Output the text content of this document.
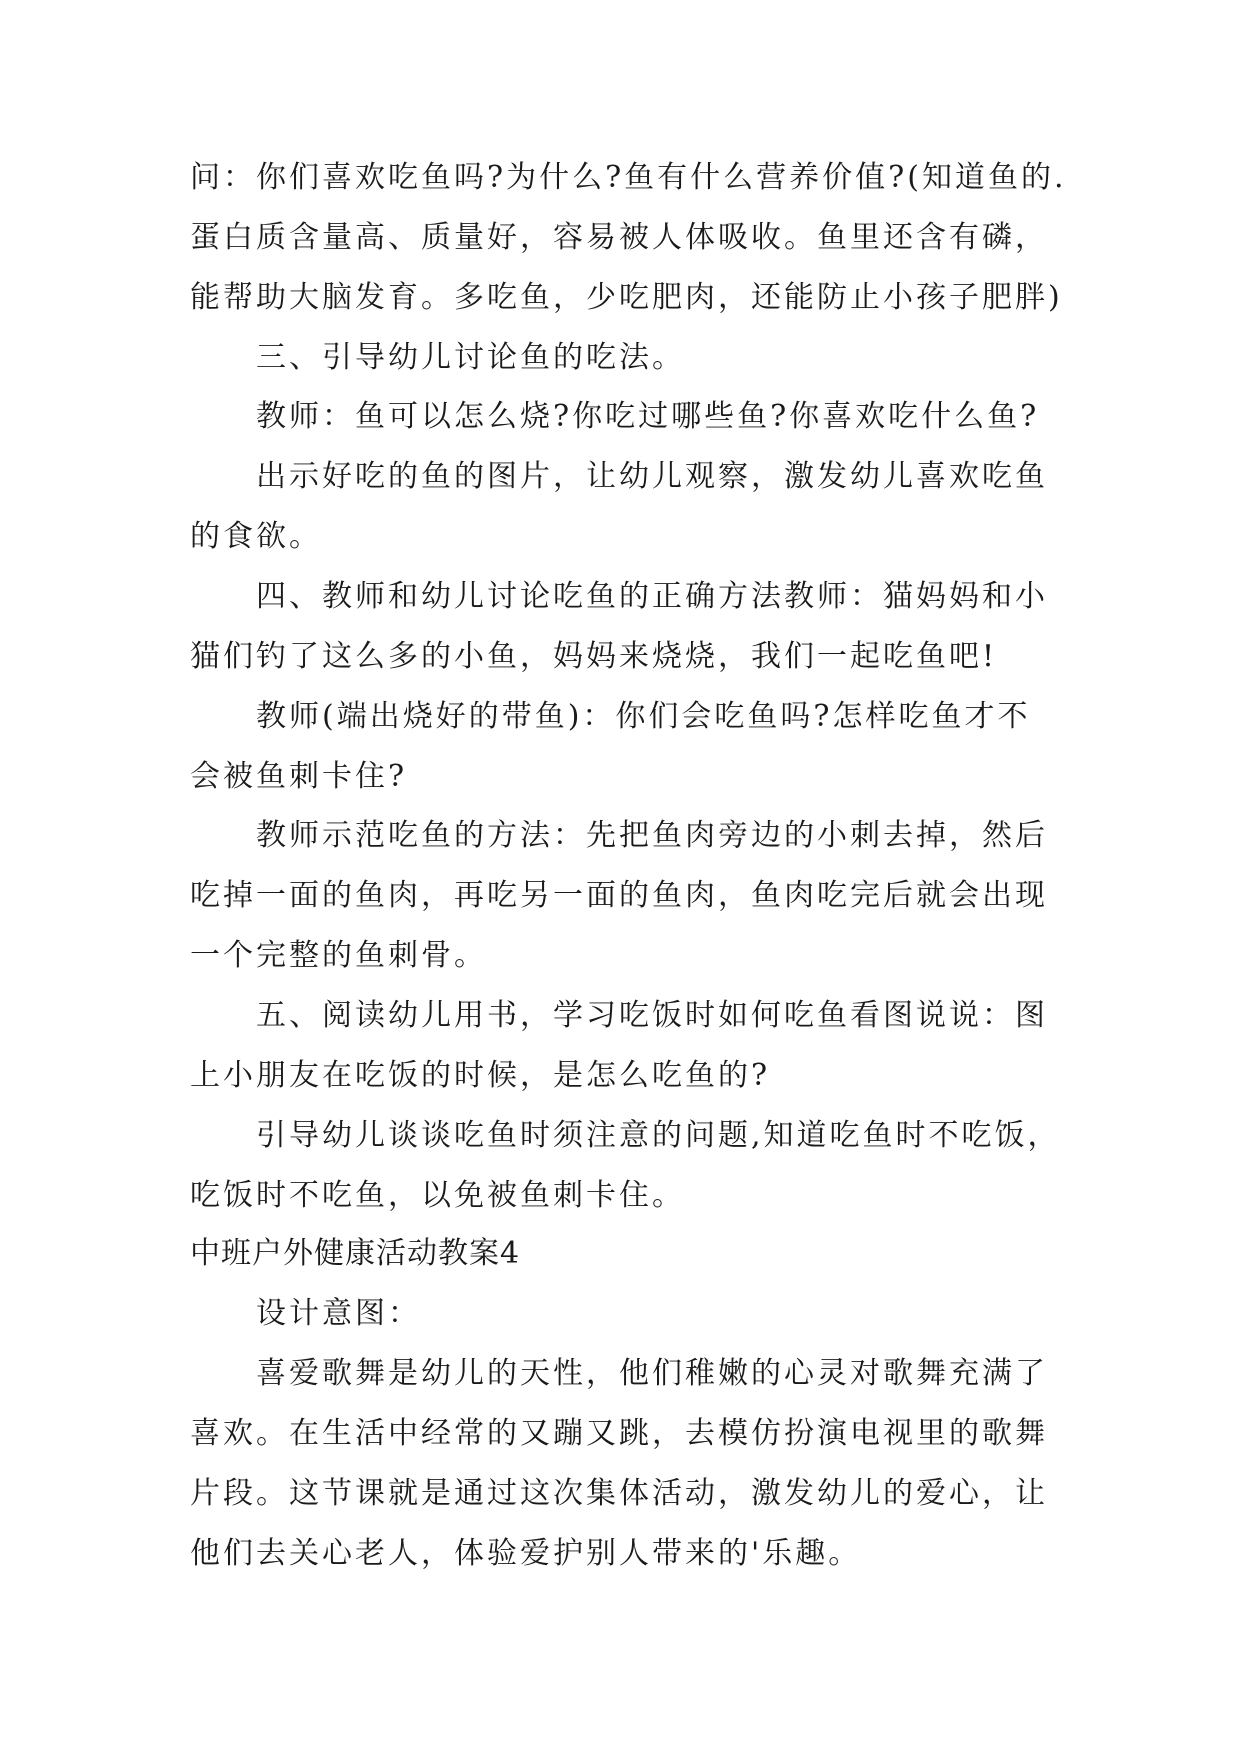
问：你们喜欢吃鱼吗?为什么?鱼有什么营养价值?(知道鱼的.
蛋白质含量高、质量好，容易被人体吸收。鱼里还含有磷，
能帮助大脑发育。多吃鱼，少吃肥肉，还能防止小孩子肥胖)
三、引导幼儿讨论鱼的吃法。
教师：鱼可以怎么烧?你吃过哪些鱼?你喜欢吃什么鱼?
出示好吃的鱼的图片，让幼儿观察，激发幼儿喜欢吃鱼
的食欲。
四、教师和幼儿讨论吃鱼的正确方法教师：猫妈妈和小
猫们钓了这么多的小鱼，妈妈来烧烧，我们一起吃鱼吧!
教师(端出烧好的带鱼)：你们会吃鱼吗?怎样吃鱼才不
会被鱼刺卡住?
教师示范吃鱼的方法：先把鱼肉旁边的小刺去掉，然后
吃掉一面的鱼肉，再吃另一面的鱼肉，鱼肉吃完后就会出现
一个完整的鱼刺骨。
五、阅读幼儿用书，学习吃饭时如何吃鱼看图说说：图
上小朋友在吃饭的时候，是怎么吃鱼的?
引导幼儿谈谈吃鱼时须注意的问题,知道吃鱼时不吃饭，
吃饭时不吃鱼，以免被鱼刺卡住。
中班户外健康活动教案4
设计意图：
喜爱歌舞是幼儿的天性，他们稚嫩的心灵对歌舞充满了
喜欢。在生活中经常的又蹦又跳，去模仿扮演电视里的歌舞
片段。这节课就是通过这次集体活动，激发幼儿的爱心，让
他们去关心老人，体验爱护别人带来的'乐趣。
